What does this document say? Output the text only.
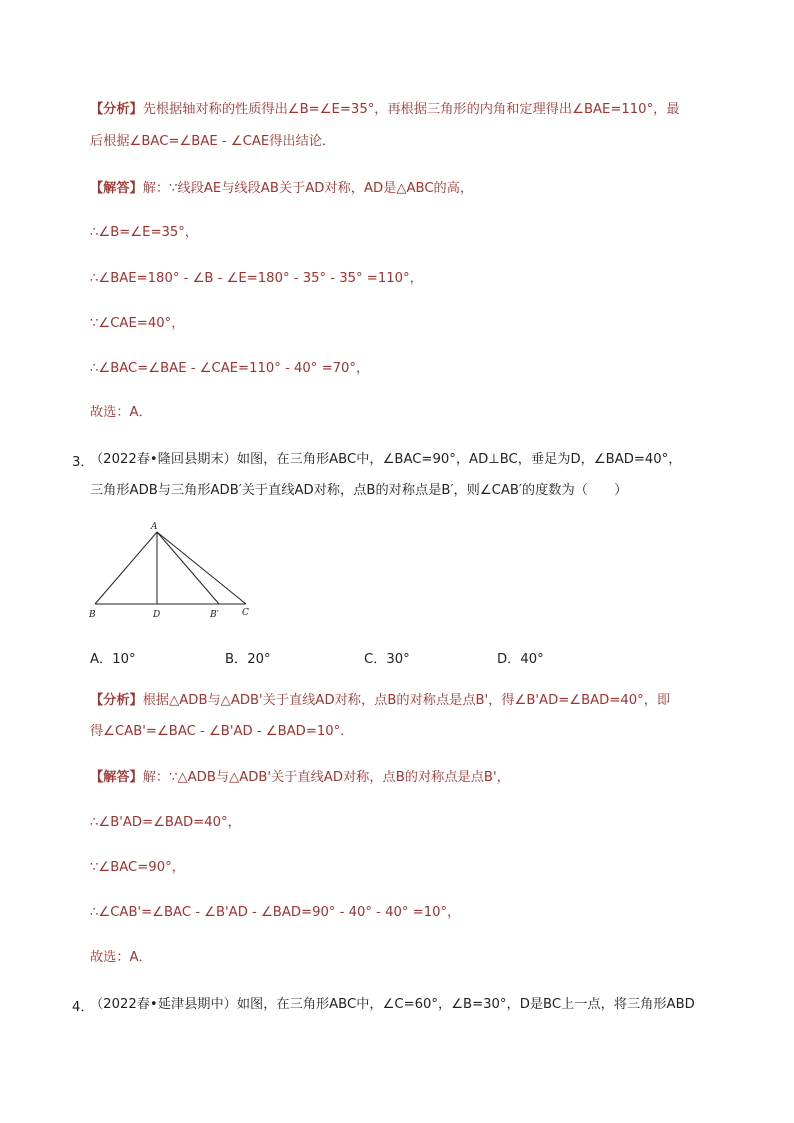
【分析】先根据轴对称的性质得出∠B=∠E=35°，再根据三角形的内角和定理得出∠BAE=110°，最
后根据∠BAC=∠BAE - ∠CAE得出结论．
【解答】解：∵线段AE与线段AB关于AD对称，AD是△ABC的高，
∴∠B=∠E=35°，
∴∠BAE=180° - ∠B - ∠E=180° - 35° - 35° =110°，
∵∠CAE=40°，
∴∠BAC=∠BAE - ∠CAE=110° - 40° =70°，
故选：A．
3．
（2022春•隆回县期末）如图，在三角形ABC中，∠BAC=90°，AD⊥BC，垂足为D，∠BAD=40°，
三角形ADB与三角形ADB′关于直线AD对称，点B的对称点是B′，则∠CAB′的度数为（　　）
A
B	D	B′	C
A．10°	B．20°	C．30°	D．40°
【分析】根据△ADB与△ADB'关于直线AD对称，点B的对称点是点B'，得∠B'AD=∠BAD=40°，即
得∠CAB'=∠BAC - ∠B'AD - ∠BAD=10°．
【解答】解：∵△ADB与△ADB'关于直线AD对称，点B的对称点是点B'，
∴∠B'AD=∠BAD=40°，
∵∠BAC=90°，
∴∠CAB'=∠BAC - ∠B'AD - ∠BAD=90° - 40° - 40° =10°，
故选：A．
4．
（2022春•延津县期中）如图，在三角形ABC中，∠C=60°，∠B=30°，D是BC上一点，将三角形ABD
